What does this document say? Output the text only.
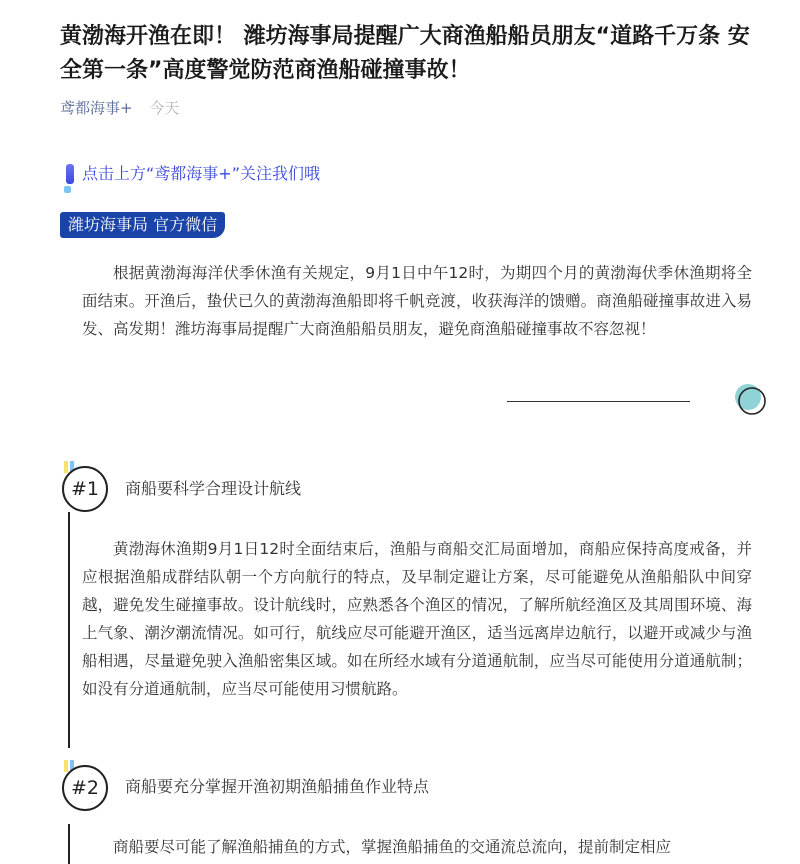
黄渤海开渔在即！ 潍坊海事局提醒广大商渔船船员朋友“道路千万条 安全第一条”高度警觉防范商渔船碰撞事故！
鸢都海事+ 今天
点击上方“鸢都海事+”关注我们哦
潍坊海事局 官方微信

根据黄渤海海洋伏季休渔有关规定，9月1日中午12时，为期四个月的黄渤海伏季休渔期将全面结束。开渔后，蛰伏已久的黄渤海渔船即将千帆竞渡，收获海洋的馈赠。商渔船碰撞事故进入易发、高发期！潍坊海事局提醒广大商渔船船员朋友，避免商渔船碰撞事故不容忽视！

#1 商船要科学合理设计航线

黄渤海休渔期9月1日12时全面结束后，渔船与商船交汇局面增加，商船应保持高度戒备，并应根据渔船成群结队朝一个方向航行的特点，及早制定避让方案，尽可能避免从渔船船队中间穿越，避免发生碰撞事故。设计航线时，应熟悉各个渔区的情况，了解所航经渔区及其周围环境、海上气象、潮汐潮流情况。如可行，航线应尽可能避开渔区，适当远离岸边航行，以避开或减少与渔船相遇，尽量避免驶入渔船密集区域。如在所经水域有分道通航制，应当尽可能使用分道通航制；如没有分道通航制，应当尽可能使用习惯航路。

#2 商船要充分掌握开渔初期渔船捕鱼作业特点

商船要尽可能了解渔船捕鱼的方式，掌握渔船捕鱼的交通流总流向，提前制定相应
